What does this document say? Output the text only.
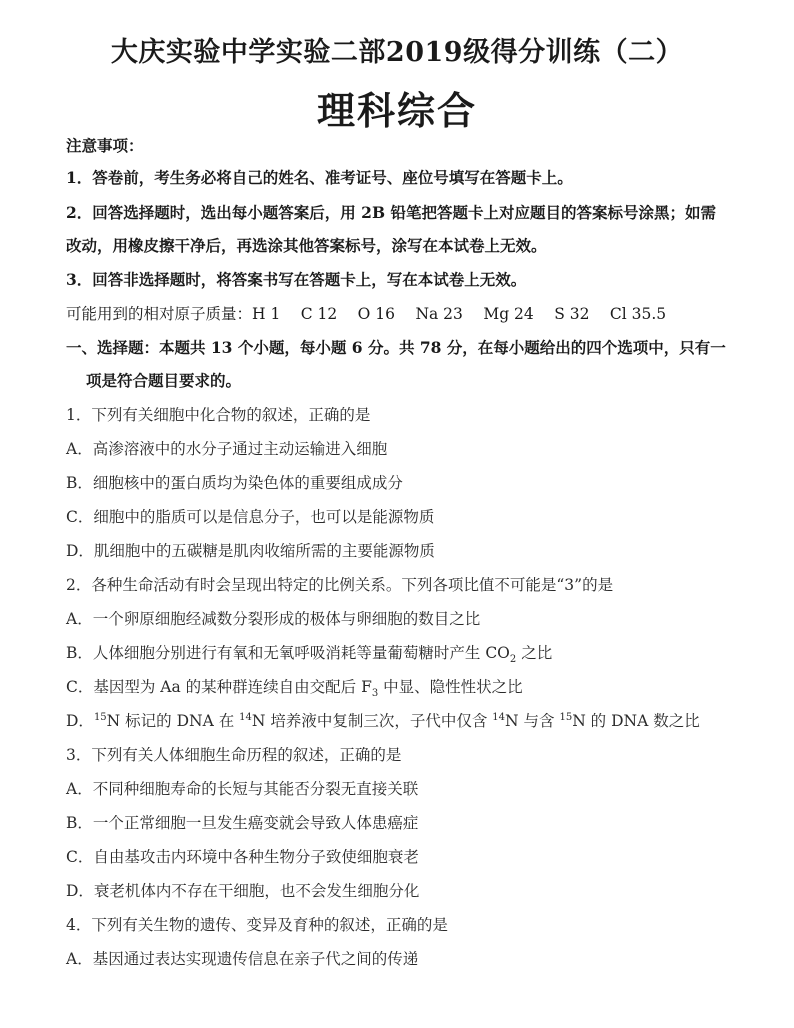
大庆实验中学实验二部2019级得分训练（二）
理科综合

注意事项：

1．答卷前，考生务必将自己的姓名、准考证号、座位号填写在答题卡上。

2．回答选择题时，选出每小题答案后，用 2B 铅笔把答题卡上对应题目的答案标号涂黑；如需

改动，用橡皮擦干净后，再选涂其他答案标号，涂写在本试卷上无效。

3．回答非选择题时，将答案书写在答题卡上，写在本试卷上无效。

可能用到的相对原子质量：H 1　 C 12　 O 16　 Na 23　 Mg 24　 S 32　 Cl 35.5

一、选择题：本题共 13 个小题，每小题 6 分。共 78 分，在每小题给出的四个选项中，只有一

项是符合题目要求的。

1．下列有关细胞中化合物的叙述，正确的是

A．高渗溶液中的水分子通过主动运输进入细胞

B．细胞核中的蛋白质均为染色体的重要组成成分

C．细胞中的脂质可以是信息分子，也可以是能源物质

D．肌细胞中的五碳糖是肌肉收缩所需的主要能源物质

2．各种生命活动有时会呈现出特定的比例关系。下列各项比值不可能是“3”的是

A．一个卵原细胞经减数分裂形成的极体与卵细胞的数目之比

B．人体细胞分别进行有氧和无氧呼吸消耗等量葡萄糖时产生 $CO_2$ 之比

C．基因型为 Aa 的某种群连续自由交配后 $F_3$ 中显、隐性性状之比

D．$^{15}$N 标记的 DNA 在 $^{14}$N 培养液中复制三次，子代中仅含 $^{14}$N 与含 $^{15}$N 的 DNA 数之比

3．下列有关人体细胞生命历程的叙述，正确的是

A．不同种细胞寿命的长短与其能否分裂无直接关联

B．一个正常细胞一旦发生癌变就会导致人体患癌症

C．自由基攻击内环境中各种生物分子致使细胞衰老

D．衰老机体内不存在干细胞，也不会发生细胞分化

4．下列有关生物的遗传、变异及育种的叙述，正确的是

A．基因通过表达实现遗传信息在亲子代之间的传递
